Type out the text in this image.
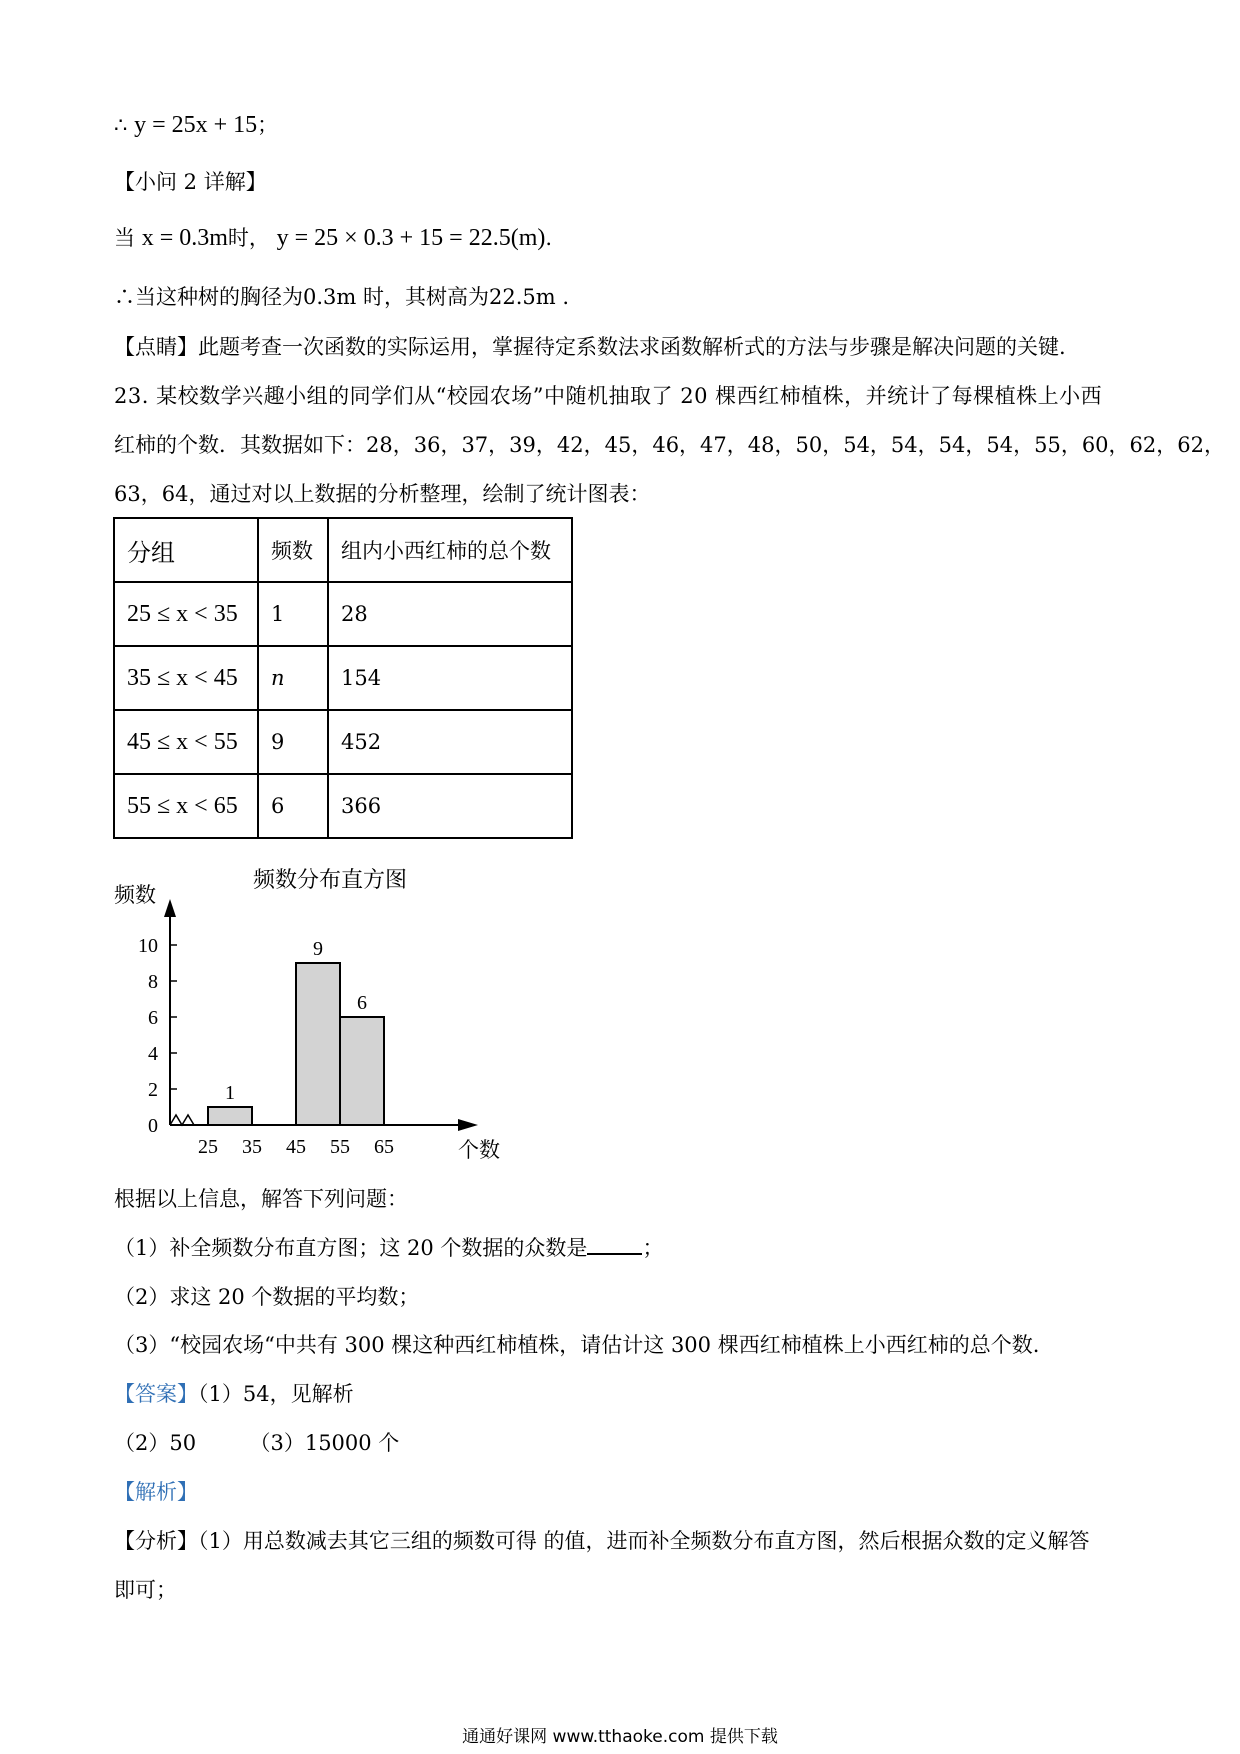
∴ y = 25x + 15；
【小问 2 详解】
当 x = 0.3m时， y = 25 × 0.3 + 15 = 22.5(m).
∴当这种树的胸径为0.3m 时，其树高为22.5m .
【点睛】此题考查一次函数的实际运用，掌握待定系数法求函数解析式的方法与步骤是解决问题的关键.
23. 某校数学兴趣小组的同学们从“校园农场”中随机抽取了 20 棵西红柿植株，并统计了每棵植株上小西
红柿的个数．其数据如下：28，36，37，39，42，45，46，47，48，50，54，54，54，54，55，60，62，62，
63，64，通过对以上数据的分析整理，绘制了统计图表：
分组	频数	组内小西红柿的总个数
25 ≤ x < 35	1	28
35 ≤ x < 45	n	154
45 ≤ x < 55	9	452
55 ≤ x < 65	6	366
频数分布直方图
频数
个数
1
9
6
0
2
4
6
8
10
25 35 45 55 65
根据以上信息，解答下列问题：
（1）补全频数分布直方图；这 20 个数据的众数是	；
（2）求这 20 个数据的平均数；
（3）“校园农场“中共有 300 棵这种西红柿植株，请估计这 300 棵西红柿植株上小西红柿的总个数.
【答案】（1）54，见解析
（2）50	（3）15000 个
【解析】
【分析】（1）用总数减去其它三组的频数可得 的值，进而补全频数分布直方图，然后根据众数的定义解答
即可；
通通好课网 www.tthaoke.com 提供下载
